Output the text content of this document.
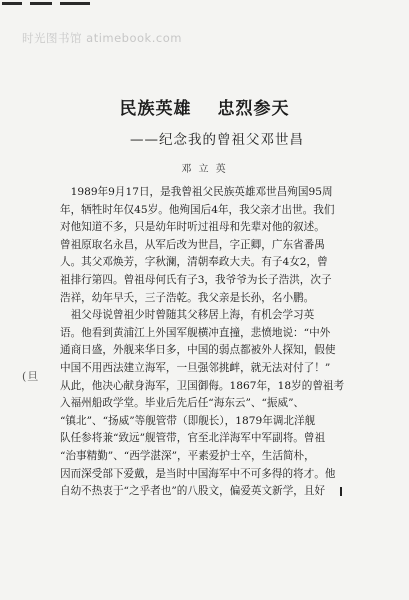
时光图书馆 atimebook.com
民族英雄 忠烈参天
——纪念我的曾祖父邓世昌
邓 立 英
(旦
　1989年9月17日，是我曾祖父民族英雄邓世昌殉国95周
年，牺牲时年仅45岁。他殉国后4年，我父亲才出世。我们
对他知道不多，只是幼年时听过祖母和先辈对他的叙述。
曾祖原取名永昌，从军后改为世昌，字正卿，广东省番禺
人。其父邓焕芳，字秋澜，清朝奉政大夫。有子4女2，曾
祖排行第四。曾祖母何氏有子3，我爷爷为长子浩洪，次子
浩祥，幼年早夭，三子浩乾。我父亲是长孙，名小鹏。
　祖父母说曾祖少时曾随其父移居上海，有机会学习英
语。他看到黄浦江上外国军舰横冲直撞，悲愤地说：“中外
通商日盛，外舰来华日多，中国的弱点都被外人探知，假使
中国不用西法建立海军，一旦强邻挑衅，就无法对付了！”
从此，他决心献身海军，卫国御侮。1867年，18岁的曾祖考
入福州船政学堂。毕业后先后任“海东云”、“振威”、
“镇北”、“扬威”等舰管带（即舰长），1879年调北洋舰
队任参将兼“致远”舰管带，官至北洋海军中军副将。曾祖
“治事精勤”、“西学湛深”，平素爱护士卒，生活简朴，
因而深受部下爱戴，是当时中国海军中不可多得的将才。他
自幼不热衷于“之乎者也”的八股文，偏爱英文新学，且好
